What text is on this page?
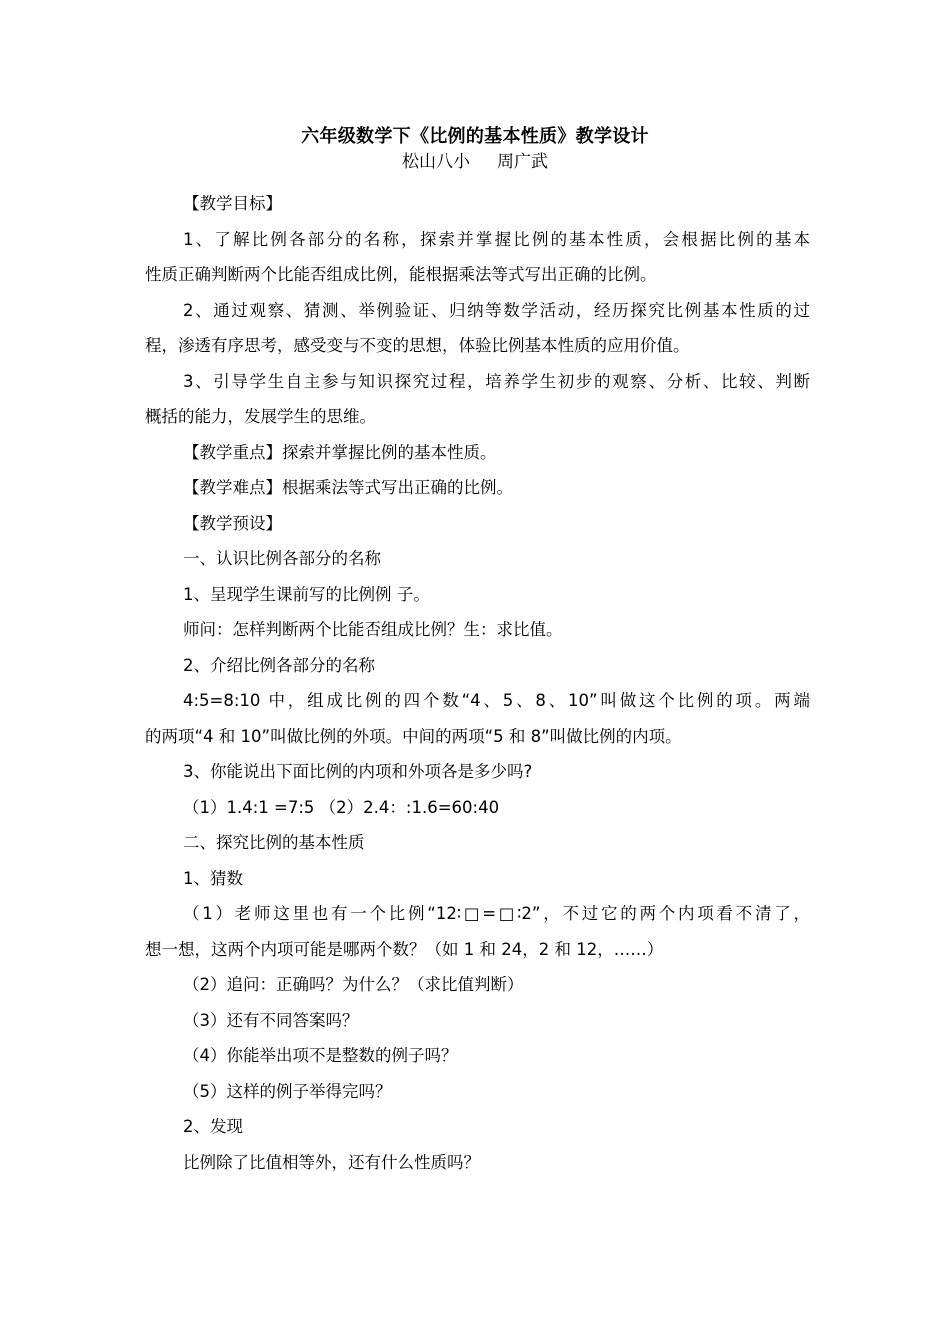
六年级数学下《比例的基本性质》教学设计
松山八小     周广武
【教学目标】
1、了解比例各部分的名称，探索并掌握比例的基本性质，会根据比例的基本
性质正确判断两个比能否组成比例，能根据乘法等式写出正确的比例。
2、通过观察、猜测、举例验证、归纳等数学活动，经历探究比例基本性质的过
程，渗透有序思考，感受变与不变的思想，体验比例基本性质的应用价值。
3、引导学生自主参与知识探究过程，培养学生初步的观察、分析、比较、判断
概括的能力，发展学生的思维。
【教学重点】探索并掌握比例的基本性质。
【教学难点】根据乘法等式写出正确的比例。
【教学预设】
一、认识比例各部分的名称
1、呈现学生课前写的比例例 子。
师问：怎样判断两个比能否组成比例？生：求比值。
2、介绍比例各部分的名称
4:5=8:10 中，组成比例的四个数“4、5、8、10”叫做这个比例的项。两端
的两项“4 和 10”叫做比例的外项。中间的两项“5 和 8”叫做比例的内项。
3、你能说出下面比例的内项和外项各是多少吗?
（1）1.4:1 =7:5 （2）2.4：:1.6=60:40
二、探究比例的基本性质
1、猜数
（1）老师这里也有一个比例“12∶□=□∶2”，不过它的两个内项看不清了，
想一想，这两个内项可能是哪两个数？（如 1 和 24，2 和 12，……）
（2）追问：正确吗？为什么？（求比值判断）
（3）还有不同答案吗？
（4）你能举出项不是整数的例子吗？
（5）这样的例子举得完吗？
2、发现
比例除了比值相等外，还有什么性质吗？
